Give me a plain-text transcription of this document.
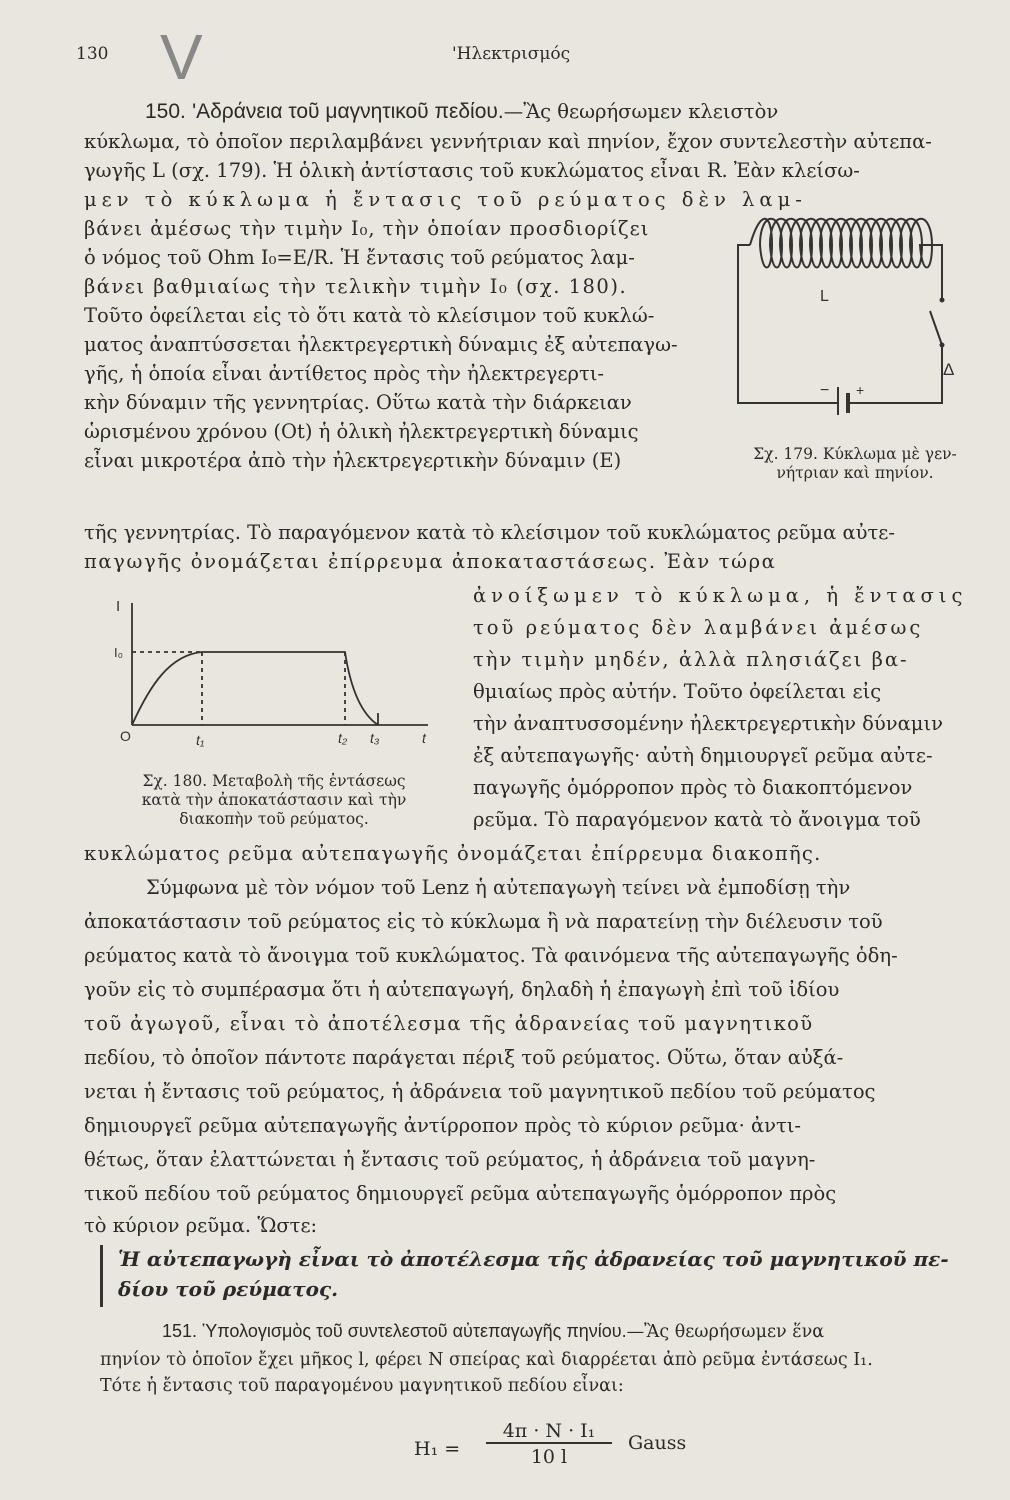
130 V	'Ηλεκτρισμός
150. 'Αδράνεια τοῦ μαγνητικοῦ πεδίου.—Ἂς θεωρήσωμεν κλειστὸν
κύκλωμα, τὸ ὁποῖον περιλαμβάνει γεννήτριαν καὶ πηνίον, ἔχον συντελεστὴν αὐτεπα-
γωγῆς L (σχ. 179). Ἡ ὁλικὴ ἀντίστασις τοῦ κυκλώματος εἶναι R. Ἐὰν κλείσω-
μεν τὸ κύκλωμα ἡ ἔντασις τοῦ ρεύματος δὲν λαμ-
βάνει ἀμέσως τὴν τιμὴν I₀, τὴν ὁποίαν προσδιορίζει
ὁ νόμος τοῦ Ohm I₀=E/R. Ἡ ἔντασις τοῦ ρεύματος λαμ-
βάνει βαθμιαίως τὴν τελικὴν τιμὴν I₀ (σχ. 180).
Τοῦτο ὀφείλεται εἰς τὸ ὅτι κατὰ τὸ κλείσιμον τοῦ κυκλώ-
ματος ἀναπτύσσεται ἠλεκτρεγερτικὴ δύναμις ἐξ αὐτεπαγω-
γῆς, ἡ ὁποία εἶναι ἀντίθετος πρὸς τὴν ἠλεκτρεγερτι-
κὴν δύναμιν τῆς γεννητρίας. Οὕτω κατὰ τὴν διάρκειαν
ὡρισμένου χρόνου (Ot) ἡ ὁλικὴ ἠλεκτρεγερτικὴ δύναμις
εἶναι μικροτέρα ἀπὸ τὴν ἠλεκτρεγερτικὴν δύναμιν (E)
− +
L
Δ
Σχ. 179. Κύκλωμα μὲ γεν-
νήτριαν καὶ πηνίον.
τῆς γεννητρίας. Τὸ παραγόμενον κατὰ τὸ κλείσιμον τοῦ κυκλώματος ρεῦμα αὐτε-
παγωγῆς ὀνομάζεται ἐπίρρευμα ἀποκαταστάσεως. Ἐὰν τώρα
ἀνοίξωμεν τὸ κύκλωμα, ἡ ἔντασις
τοῦ ρεύματος δὲν λαμβάνει ἀμέσως
τὴν τιμὴν μηδέν, ἀλλὰ πλησιάζει βα-
θμιαίως πρὸς αὐτήν. Τοῦτο ὀφείλεται εἰς
τὴν ἀναπτυσσομένην ἠλεκτρεγερτικὴν δύναμιν
ἐξ αὐτεπαγωγῆς· αὐτὴ δημιουργεῖ ρεῦμα αὐτε-
παγωγῆς ὁμόρροπον πρὸς τὸ διακοπτόμενον
ρεῦμα. Τὸ παραγόμενον κατὰ τὸ ἄνοιγμα τοῦ
I
I₀
O	t₁	t₂ t₃	t
Σχ. 180. Μεταβολὴ τῆς ἐντάσεως
κατὰ τὴν ἀποκατάστασιν καὶ τὴν
διακοπὴν τοῦ ρεύματος.
κυκλώματος ρεῦμα αὐτεπαγωγῆς ὀνομάζεται ἐπίρρευμα διακοπῆς.
Σύμφωνα μὲ τὸν νόμον τοῦ Lenz ἡ αὐτεπαγωγὴ τείνει νὰ ἐμποδίσῃ τὴν
ἀποκατάστασιν τοῦ ρεύματος εἰς τὸ κύκλωμα ἢ νὰ παρατείνῃ τὴν διέλευσιν τοῦ
ρεύματος κατὰ τὸ ἄνοιγμα τοῦ κυκλώματος. Τὰ φαινόμενα τῆς αὐτεπαγωγῆς ὁδη-
γοῦν εἰς τὸ συμπέρασμα ὅτι ἡ αὐτεπαγωγή, δηλαδὴ ἡ ἐπαγωγὴ ἐπὶ τοῦ ἰδίου
τοῦ ἀγωγοῦ, εἶναι τὸ ἀποτέλεσμα τῆς ἀδρανείας τοῦ μαγνητικοῦ
πεδίου, τὸ ὁποῖον πάντοτε παράγεται πέριξ τοῦ ρεύματος. Οὕτω, ὅταν αὐξά-
νεται ἡ ἔντασις τοῦ ρεύματος, ἡ ἀδράνεια τοῦ μαγνητικοῦ πεδίου τοῦ ρεύματος
δημιουργεῖ ρεῦμα αὐτεπαγωγῆς ἀντίρροπον πρὸς τὸ κύριον ρεῦμα· ἀντι-
θέτως, ὅταν ἐλαττώνεται ἡ ἔντασις τοῦ ρεύματος, ἡ ἀδράνεια τοῦ μαγνη-
τικοῦ πεδίου τοῦ ρεύματος δημιουργεῖ ρεῦμα αὐτεπαγωγῆς ὁμόρροπον πρὸς
τὸ κύριον ρεῦμα. Ὥστε:
Ἡ αὐτεπαγωγὴ εἶναι τὸ ἀποτέλεσμα τῆς ἀδρανείας τοῦ μαγνητικοῦ πε-
δίου τοῦ ρεύματος.
151. Ὑπολογισμὸς τοῦ συντελεστοῦ αὐτεπαγωγῆς πηνίου.—Ἂς θεωρήσωμεν ἕνα
πηνίον τὸ ὁποῖον ἔχει μῆκος l, φέρει N σπείρας καὶ διαρρέεται ἀπὸ ρεῦμα ἐντάσεως I₁.
Τότε ἡ ἔντασις τοῦ παραγομένου μαγνητικοῦ πεδίου εἶναι:
H₁ =
4π · N · I₁
10 l
Gauss
